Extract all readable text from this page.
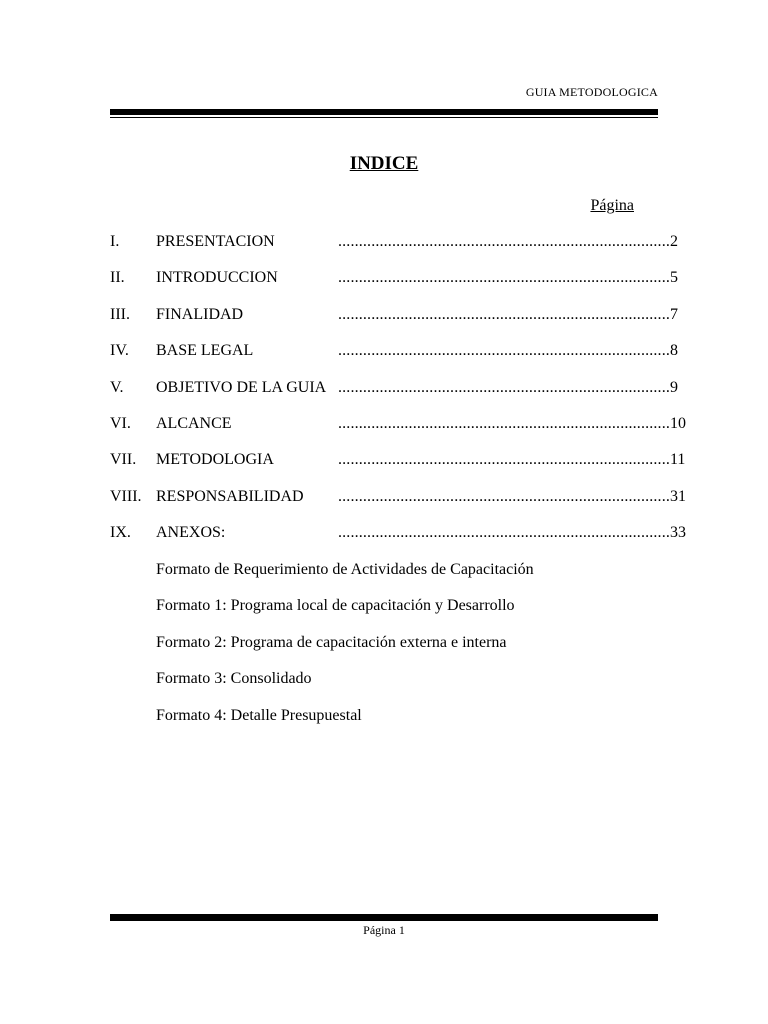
GUIA METODOLOGICA
INDICE
Página
I. PRESENTACION	................................................................................2
II. INTRODUCCION	................................................................................5
III. FINALIDAD	................................................................................7
IV. BASE LEGAL	................................................................................8
V. OBJETIVO DE LA GUIA ................................................................................9
VI. ALCANCE	................................................................................10
VII. METODOLOGIA	................................................................................11
VIII. RESPONSABILIDAD ................................................................................31
IX. ANEXOS:	................................................................................33
Formato de Requerimiento de Actividades de Capacitación
Formato 1: Programa local de capacitación y Desarrollo
Formato 2: Programa de capacitación externa e interna
Formato 3: Consolidado
Formato 4: Detalle Presupuestal
Página 1
